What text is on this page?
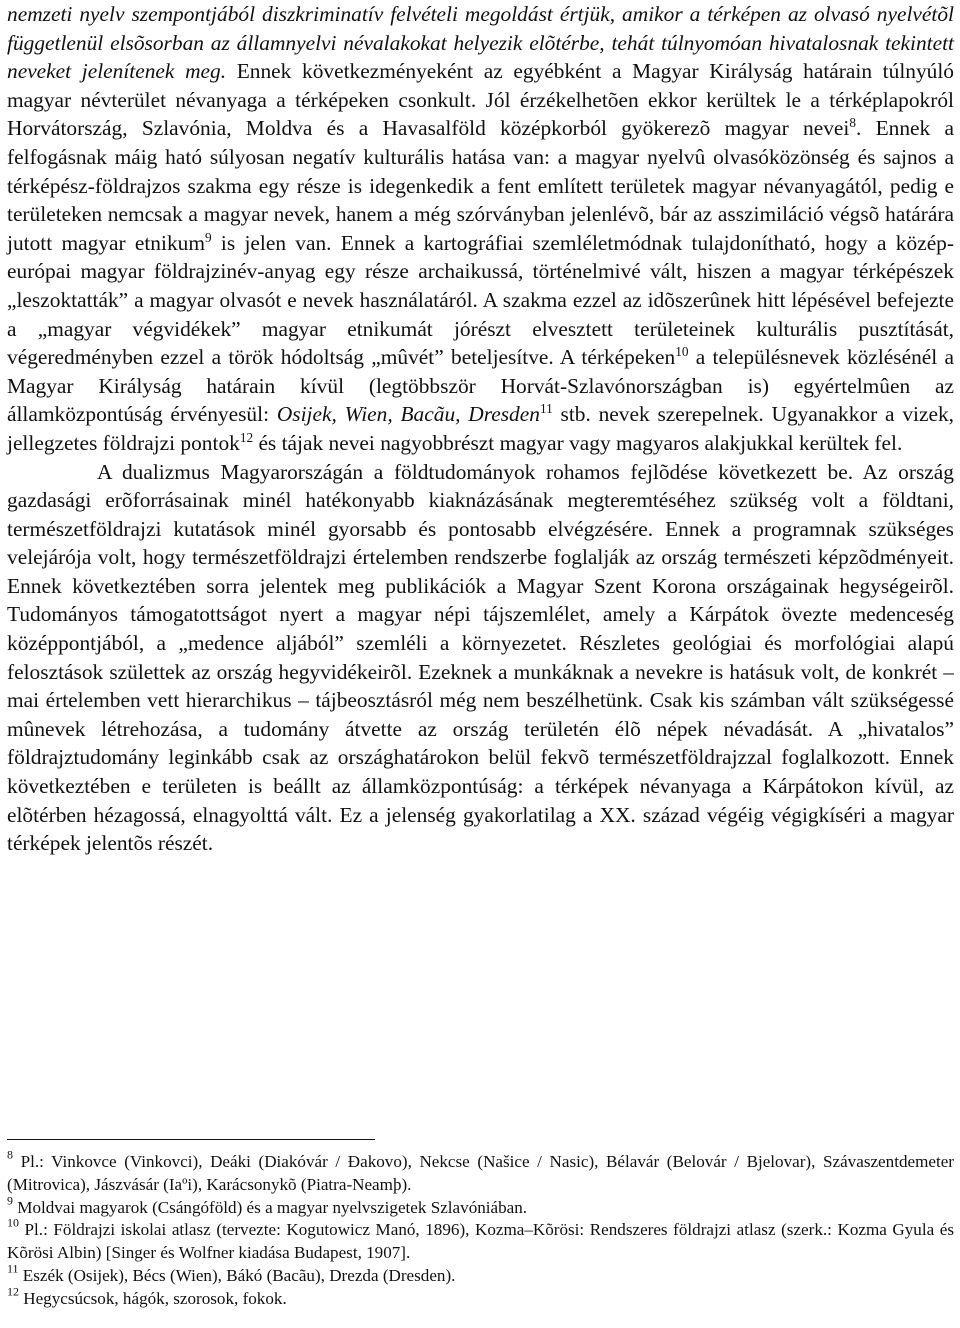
nemzeti nyelv szempontjából diszkriminatív felvételi megoldást értjük, amikor a térképen az olvasó nyelvétõl függetlenül elsõsorban az államnyelvi névalakokat helyezik elõtérbe, tehát túlnyomóan hivatalosnak tekintett neveket jelenítenek meg. Ennek következményeként az egyébként a Magyar Királyság határain túlnyúló magyar névterület névanyaga a térképeken csonkult. Jól érzékelhetõen ekkor kerültek le a térképlapokról Horvátország, Szlavónia, Moldva és a Havasalföld középkorból gyökerezõ magyar nevei$^8$. Ennek a felfogásnak máig ható súlyosan negatív kulturális hatása van: a magyar nyelvû olvasóközönség és sajnos a térképész-földrajzos szakma egy része is idegenkedik a fent említett területek magyar névanyagától, pedig e területeken nemcsak a magyar nevek, hanem a még szórványban jelenlévõ, bár az asszimiláció végsõ határára jutott magyar etnikum$^9$ is jelen van. Ennek a kartográfiai szemléletmódnak tulajdonítható, hogy a közép-európai magyar földrajzinév-anyag egy része archaikussá, történelmivé vált, hiszen a magyar térképészek „leszoktatták” a magyar olvasót e nevek használatáról. A szakma ezzel az idõszerûnek hitt lépésével befejezte a „magyar végvidékek” magyar etnikumát jórészt elvesztett területeinek kulturális pusztítását, végeredményben ezzel a török hódoltság „mûvét” beteljesítve. A térképeken$^{10}$ a településnevek közlésénél a Magyar Királyság határain kívül (legtöbbször Horvát-Szlavónországban is) egyértelmûen az államközpontúság érvényesül: Osijek, Wien, Bacãu, Dresden$^{11}$ stb. nevek szerepelnek. Ugyanakkor a vizek, jellegzetes földrajzi pontok$^{12}$ és tájak nevei nagyobbrészt magyar vagy magyaros alakjukkal kerültek fel.

A dualizmus Magyarországán a földtudományok rohamos fejlõdése következett be. Az ország gazdasági erõforrásainak minél hatékonyabb kiaknázásának megteremtéséhez szükség volt a földtani, természetföldrajzi kutatások minél gyorsabb és pontosabb elvégzésére. Ennek a programnak szükséges velejárója volt, hogy természetföldrajzi értelemben rendszerbe foglalják az ország természeti képzõdményeit. Ennek következtében sorra jelentek meg publikációk a Magyar Szent Korona országainak hegységeirõl. Tudományos támogatottságot nyert a magyar népi tájszemlélet, amely a Kárpátok övezte medenceség középpontjából, a „medence aljából” szemléli a környezetet. Részletes geológiai és morfológiai alapú felosztások születtek az ország hegyvidékeirõl. Ezeknek a munkáknak a nevekre is hatásuk volt, de konkrét – mai értelemben vett hierarchikus – tájbeosztásról még nem beszélhetünk. Csak kis számban vált szükségessé mûnevek létrehozása, a tudomány átvette az ország területén élõ népek névadását. A „hivatalos” földrajztudomány leginkább csak az országhatárokon belül fekvõ természetföldrajzzal foglalkozott. Ennek következtében e területen is beállt az államközpontúság: a térképek névanyaga a Kárpátokon kívül, az elõtérben hézagossá, elnagyolttá vált. Ez a jelenség gyakorlatilag a XX. század végéig végigkíséri a magyar térképek jelentõs részét.

$^8$ Pl.: Vinkovce (Vinkovci), Deáki (Diakóvár / Đakovo), Nekcse (Našice / Nasic), Bélavár (Belovár / Bjelovar), Szávaszentdemeter (Mitrovica), Jászvásár (Iaºi), Karácsonykõ (Piatra-Neamþ).

$^9$ Moldvai magyarok (Csángóföld) és a magyar nyelvszigetek Szlavóniában.

$^{10}$ Pl.: Földrajzi iskolai atlasz (tervezte: Kogutowicz Manó, 1896), Kozma–Kõrösi: Rendszeres földrajzi atlasz (szerk.: Kozma Gyula és Kõrösi Albin) [Singer és Wolfner kiadása Budapest, 1907].

$^{11}$ Eszék (Osijek), Bécs (Wien), Bákó (Bacãu), Drezda (Dresden).

$^{12}$ Hegycsúcsok, hágók, szorosok, fokok.
